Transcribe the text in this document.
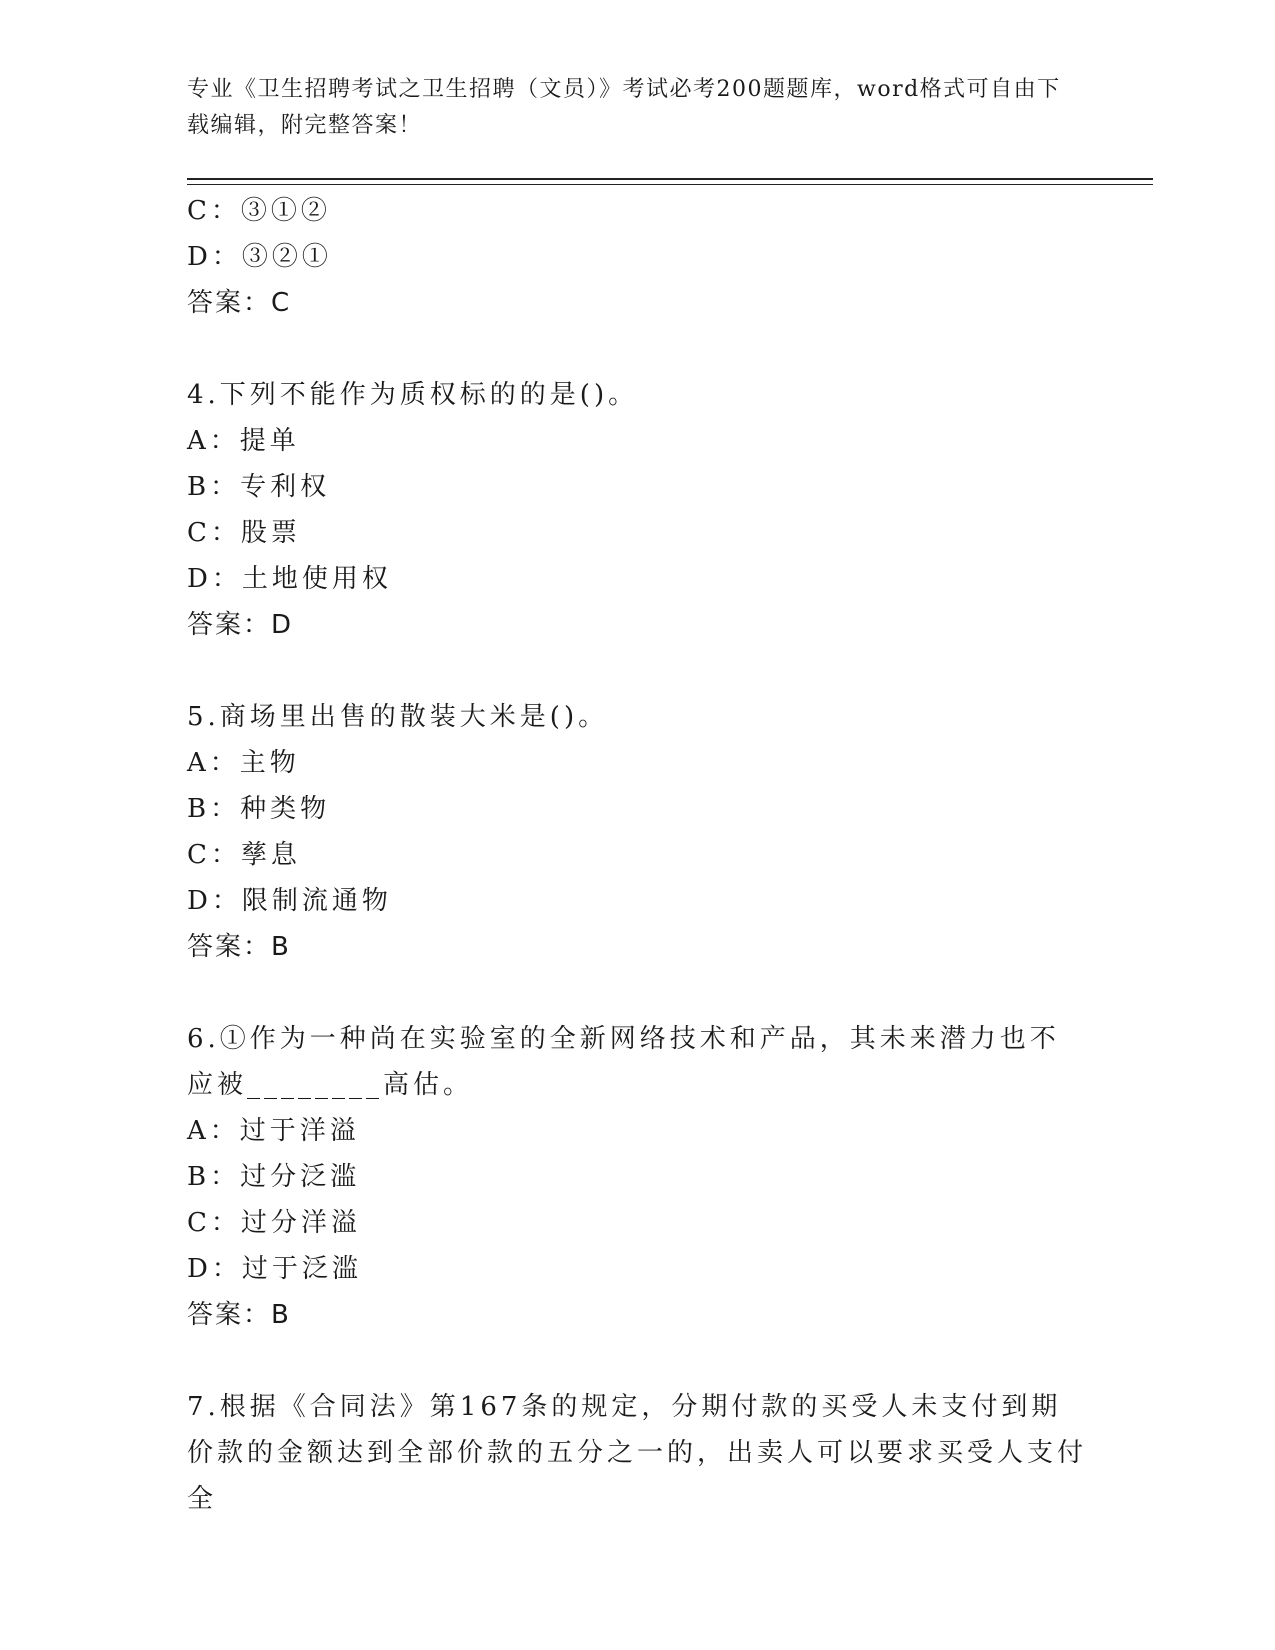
专业《卫生招聘考试之卫生招聘（文员）》考试必考200题题库，word格式可自由下载编辑，附完整答案！
C：③①②
D：③②①
答案：C
4.下列不能作为质权标的的是()。
A：提单
B：专利权
C：股票
D：土地使用权
答案：D
5.商场里出售的散装大米是()。
A：主物
B：种类物
C：孳息
D：限制流通物
答案：B
6.①作为一种尚在实验室的全新网络技术和产品，其未来潜力也不应被________高估。
A：过于洋溢
B：过分泛滥
C：过分洋溢
D：过于泛滥
答案：B
7.根据《合同法》第167条的规定，分期付款的买受人未支付到期价款的金额达到全部价款的五分之一的，出卖人可以要求买受人支付全
